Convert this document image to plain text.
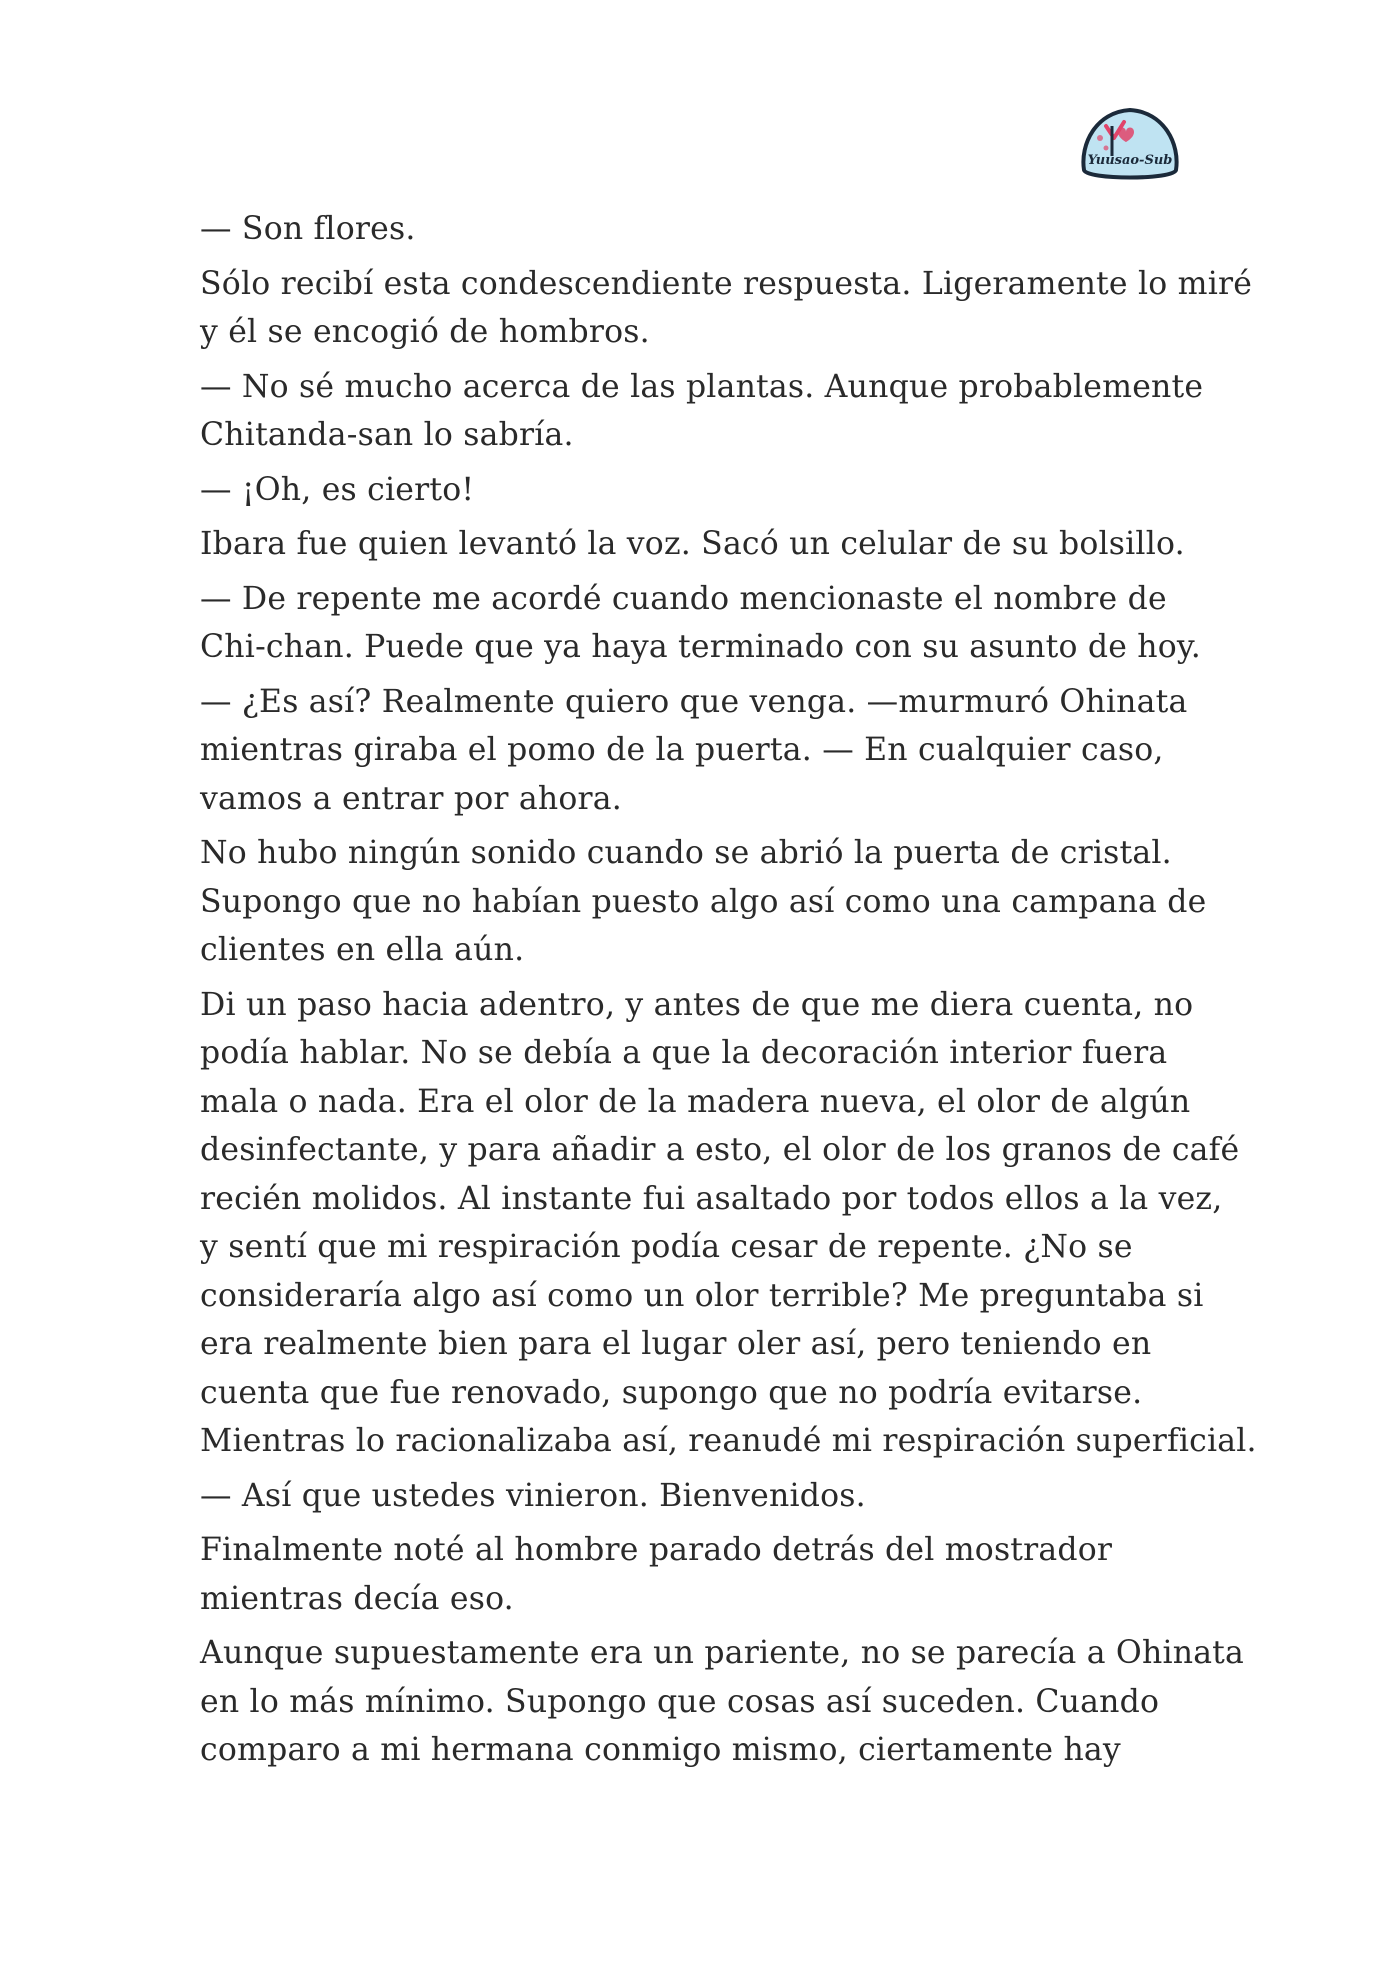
Yuusao-Sub
— Son flores.
Sólo recibí esta condescendiente respuesta. Ligeramente lo miré
y él se encogió de hombros.
— No sé mucho acerca de las plantas. Aunque probablemente
Chitanda-san lo sabría.
— ¡Oh, es cierto!
Ibara fue quien levantó la voz. Sacó un celular de su bolsillo.
— De repente me acordé cuando mencionaste el nombre de
Chi-chan. Puede que ya haya terminado con su asunto de hoy.
— ¿Es así? Realmente quiero que venga. —murmuró Ohinata
mientras giraba el pomo de la puerta. — En cualquier caso,
vamos a entrar por ahora.
No hubo ningún sonido cuando se abrió la puerta de cristal.
Supongo que no habían puesto algo así como una campana de
clientes en ella aún.
Di un paso hacia adentro, y antes de que me diera cuenta, no
podía hablar. No se debía a que la decoración interior fuera
mala o nada. Era el olor de la madera nueva, el olor de algún
desinfectante, y para añadir a esto, el olor de los granos de café
recién molidos. Al instante fui asaltado por todos ellos a la vez,
y sentí que mi respiración podía cesar de repente. ¿No se
consideraría algo así como un olor terrible? Me preguntaba si
era realmente bien para el lugar oler así, pero teniendo en
cuenta que fue renovado, supongo que no podría evitarse.
Mientras lo racionalizaba así, reanudé mi respiración superficial.
— Así que ustedes vinieron. Bienvenidos.
Finalmente noté al hombre parado detrás del mostrador
mientras decía eso.
Aunque supuestamente era un pariente, no se parecía a Ohinata
en lo más mínimo. Supongo que cosas así suceden. Cuando
comparo a mi hermana conmigo mismo, ciertamente hay
